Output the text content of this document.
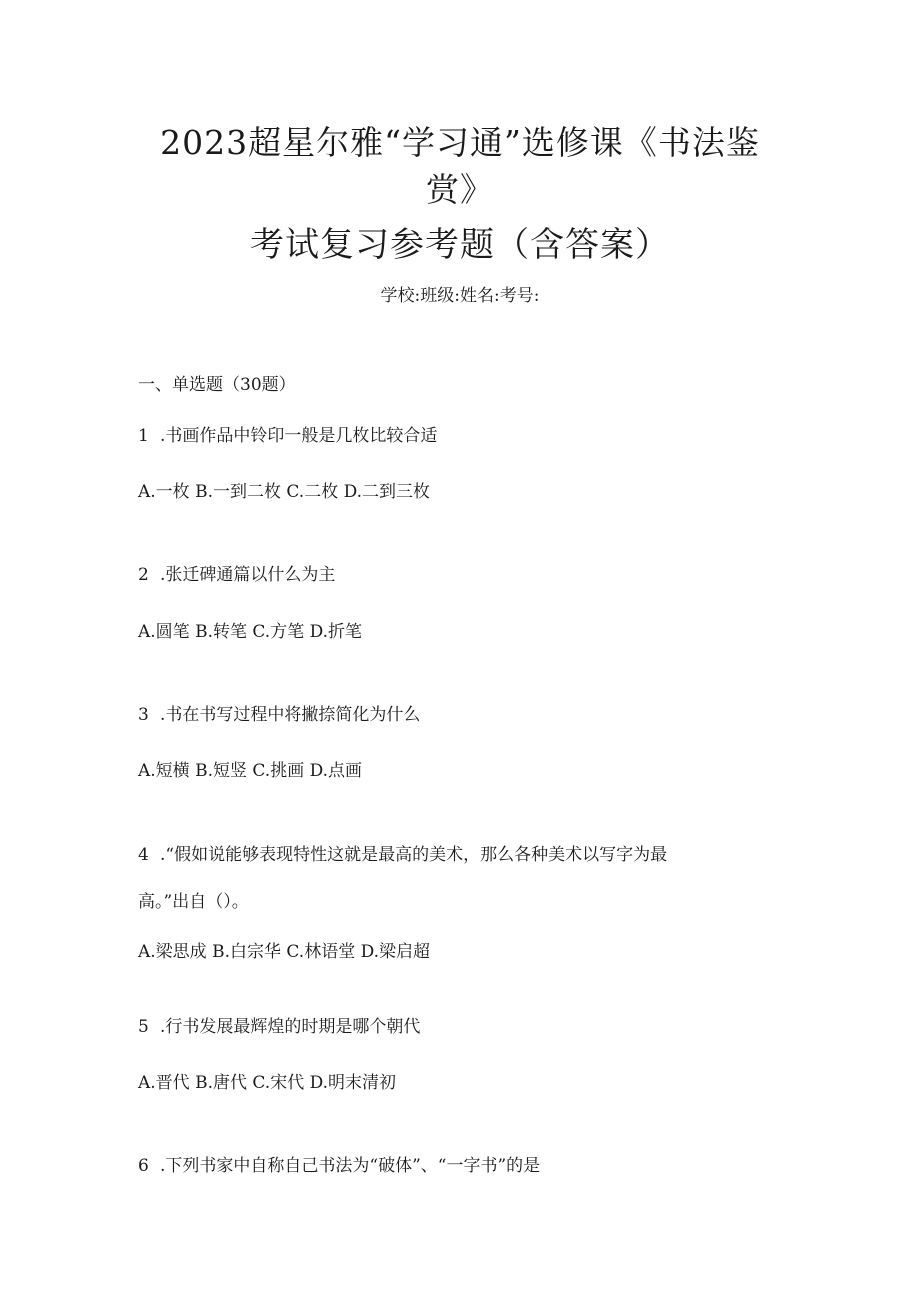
2023超星尔雅“学习通”选修课《书法鉴
赏》
考试复习参考题（含答案）
学校:班级:姓名:考号:
一、单选题（30题）
1 .书画作品中铃印一般是几枚比较合适
A.一枚 B.一到二枚 C.二枚 D.二到三枚
2 .张迁碑通篇以什么为主
A.圆笔 B.转笔 C.方笔 D.折笔
3 .书在书写过程中将撇捺简化为什么
A.短横 B.短竖 C.挑画 D.点画
4 .“假如说能够表现特性这就是最高的美术，那么各种美术以写字为最
高。”出自（）。
A.梁思成 B.白宗华 C.林语堂 D.梁启超
5 .行书发展最辉煌的时期是哪个朝代
A.晋代 B.唐代 C.宋代 D.明末清初
6 .下列书家中自称自己书法为“破体”、“一字书”的是
